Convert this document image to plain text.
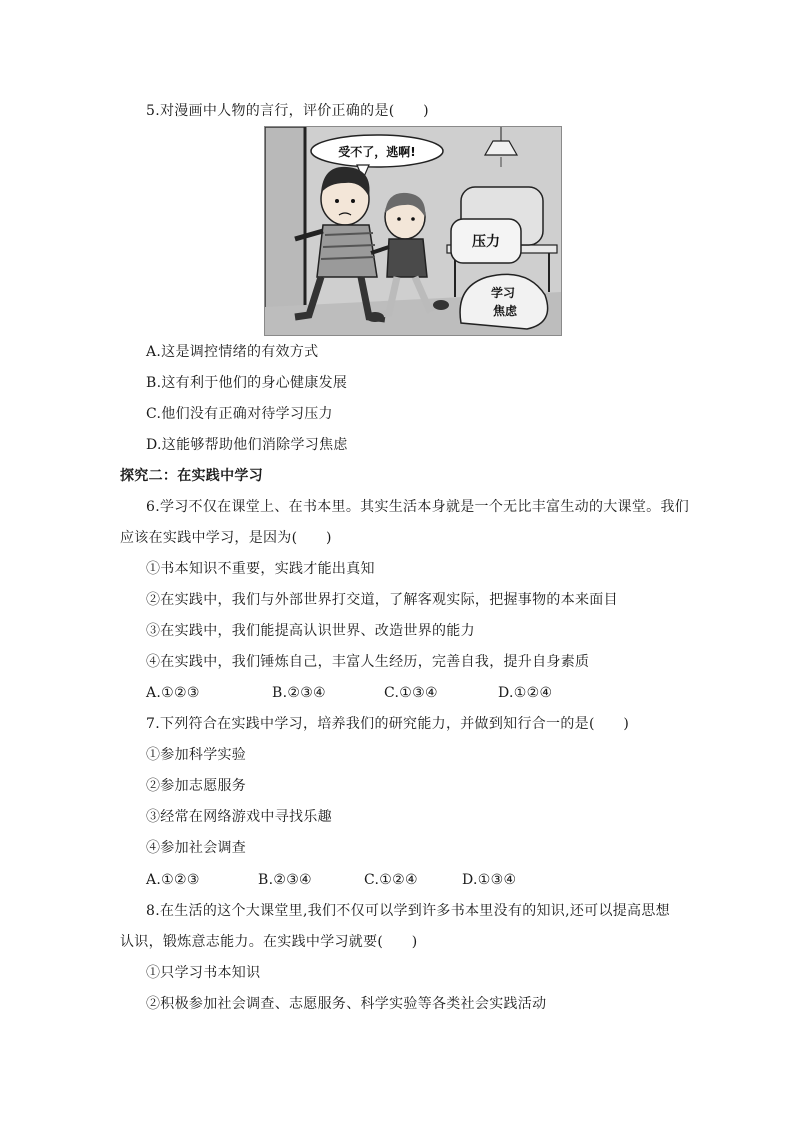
5.对漫画中人物的言行，评价正确的是(　　)
受不了，逃啊!
压力
学习
焦虑
A.这是调控情绪的有效方式
B.这有利于他们的身心健康发展
C.他们没有正确对待学习压力
D.这能够帮助他们消除学习焦虑
探究二：在实践中学习
6.学习不仅在课堂上、在书本里。其实生活本身就是一个无比丰富生动的大课堂。我们
应该在实践中学习，是因为(　　)
①书本知识不重要，实践才能出真知
②在实践中，我们与外部世界打交道，了解客观实际，把握事物的本来面目
③在实践中，我们能提高认识世界、改造世界的能力
④在实践中，我们锤炼自己，丰富人生经历，完善自我，提升自身素质
A.①②③	B.②③④	C.①③④	D.①②④
7.下列符合在实践中学习，培养我们的研究能力，并做到知行合一的是(　　)
①参加科学实验
②参加志愿服务
③经常在网络游戏中寻找乐趣
④参加社会调查
A.①②③	B.②③④	C.①②④	D.①③④
8.在生活的这个大课堂里,我们不仅可以学到许多书本里没有的知识,还可以提高思想
认识，锻炼意志能力。在实践中学习就要(　　)
①只学习书本知识
②积极参加社会调查、志愿服务、科学实验等各类社会实践活动
